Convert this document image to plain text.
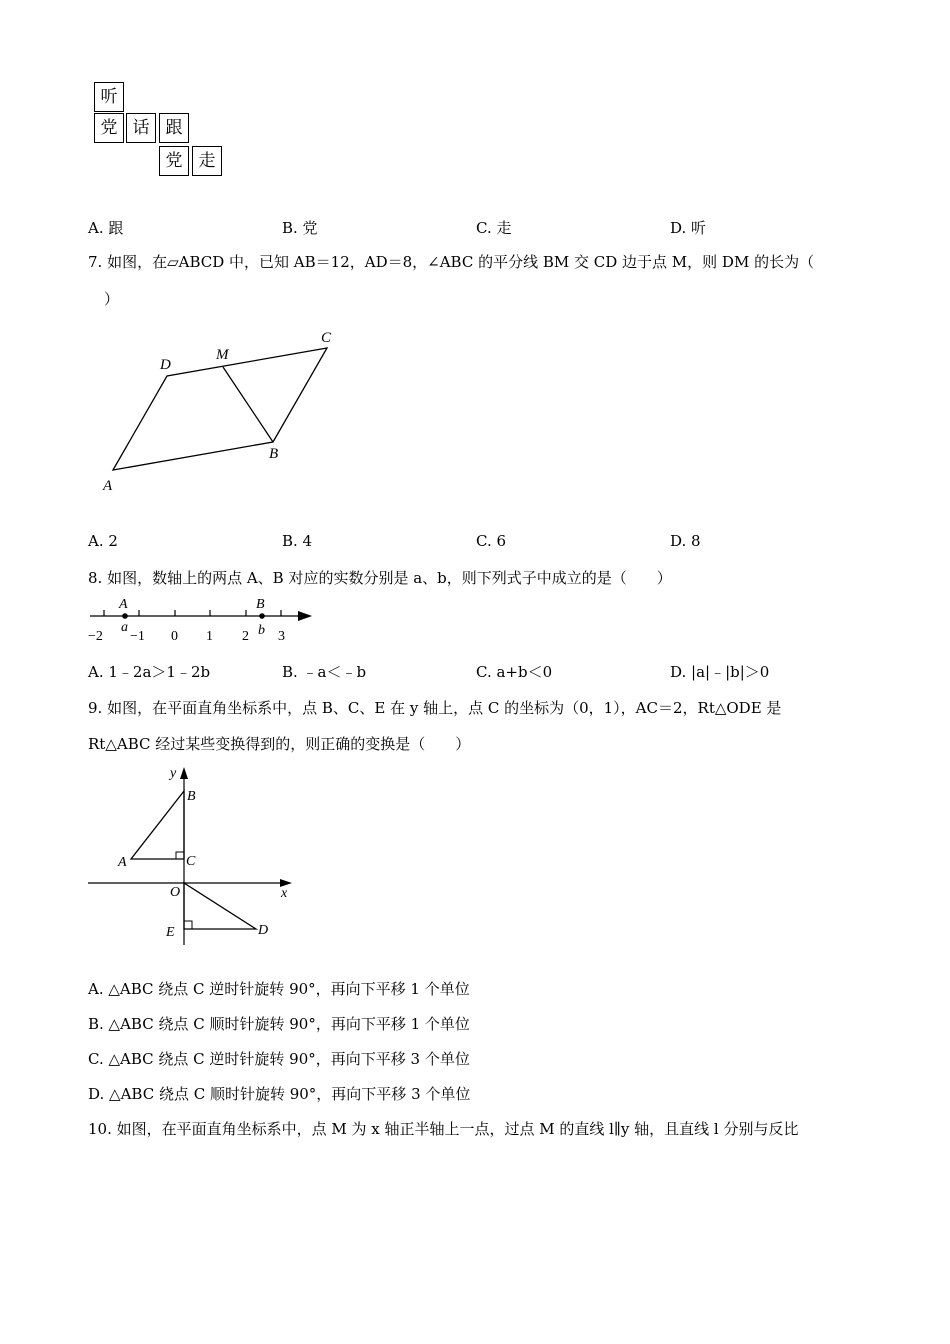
听
党 话 跟
党 走
A. 跟	B. 党	C. 走	D. 听
7. 如图，在▱ABCD 中，已知 AB＝12，AD＝8，∠ABC 的平分线 BM 交 CD 边于点 M，则 DM 的长为（
）
A
D
M
C
B
A. 2	B. 4	C. 6	D. 8
8. 如图，数轴上的两点 A、B 对应的实数分别是 a、b，则下列式子中成立的是（　　）
A	B
a	b
−2 −1 0 1 2 3
A. 1﹣2a＞1﹣2b	B. ﹣a＜﹣b	C. a+b＜0	D. |a|﹣|b|＞0
9. 如图，在平面直角坐标系中，点 B、C、E 在 y 轴上，点 C 的坐标为（0，1），AC＝2，Rt△ODE 是
Rt△ABC 经过某些变换得到的，则正确的变换是（　　）
y
x
O
B
A	C
E	D
A. △ABC 绕点 C 逆时针旋转 90°，再向下平移 1 个单位
B. △ABC 绕点 C 顺时针旋转 90°，再向下平移 1 个单位
C. △ABC 绕点 C 逆时针旋转 90°，再向下平移 3 个单位
D. △ABC 绕点 C 顺时针旋转 90°，再向下平移 3 个单位
10. 如图，在平面直角坐标系中，点 M 为 x 轴正半轴上一点，过点 M 的直线 l∥y 轴，且直线 l 分别与反比
